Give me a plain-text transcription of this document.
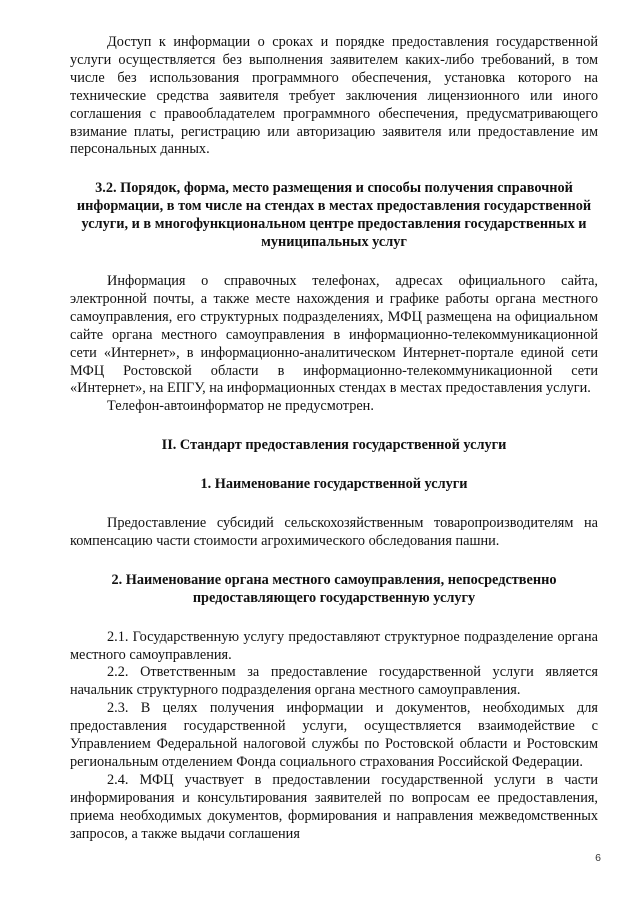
Доступ к информации о сроках и порядке предоставления государственной услуги осуществляется без выполнения заявителем каких-либо требований, в том числе без использования программного обеспечения, установка которого на технические средства заявителя требует заключения лицензионного или иного соглашения с правообладателем программного обеспечения, предусматривающего взимание платы, регистрацию или авторизацию заявителя или предоставление им персональных данных.

3.2. Порядок, форма, место размещения и способы получения справочной информации, в том числе на стендах в местах предоставления государственной услуги, и в многофункциональном центре предоставления государственных и муниципальных услуг

Информация о справочных телефонах, адресах официального сайта, электронной почты, а также месте нахождения и графике работы органа местного самоуправления, его структурных подразделениях, МФЦ размещена на официальном сайте органа местного самоуправления в информационно-телекоммуникационной сети «Интернет», в информационно-аналитическом Интернет-портале единой сети МФЦ Ростовской области в информационно-телекоммуникационной сети «Интернет», на ЕПГУ, на информационных стендах в местах предоставления услуги.

Телефон-автоинформатор не предусмотрен.

II. Стандарт предоставления государственной услуги

1. Наименование государственной услуги

Предоставление субсидий сельскохозяйственным товаропроизводителям на компенсацию части стоимости агрохимического обследования пашни.

2. Наименование органа местного самоуправления, непосредственно предоставляющего государственную услугу

2.1. Государственную услугу предоставляют структурное подразделение органа местного самоуправления.

2.2. Ответственным за предоставление государственной услуги является начальник структурного подразделения органа местного самоуправления.

2.3. В целях получения информации и документов, необходимых для предоставления государственной услуги, осуществляется взаимодействие с Управлением Федеральной налоговой службы по Ростовской области и Ростовским региональным отделением Фонда социального страхования Российской Федерации.

2.4. МФЦ участвует в предоставлении государственной услуги в части информирования и консультирования заявителей по вопросам ее предоставления, приема необходимых документов, формирования и направления межведомственных запросов, а также выдачи соглашения

6
